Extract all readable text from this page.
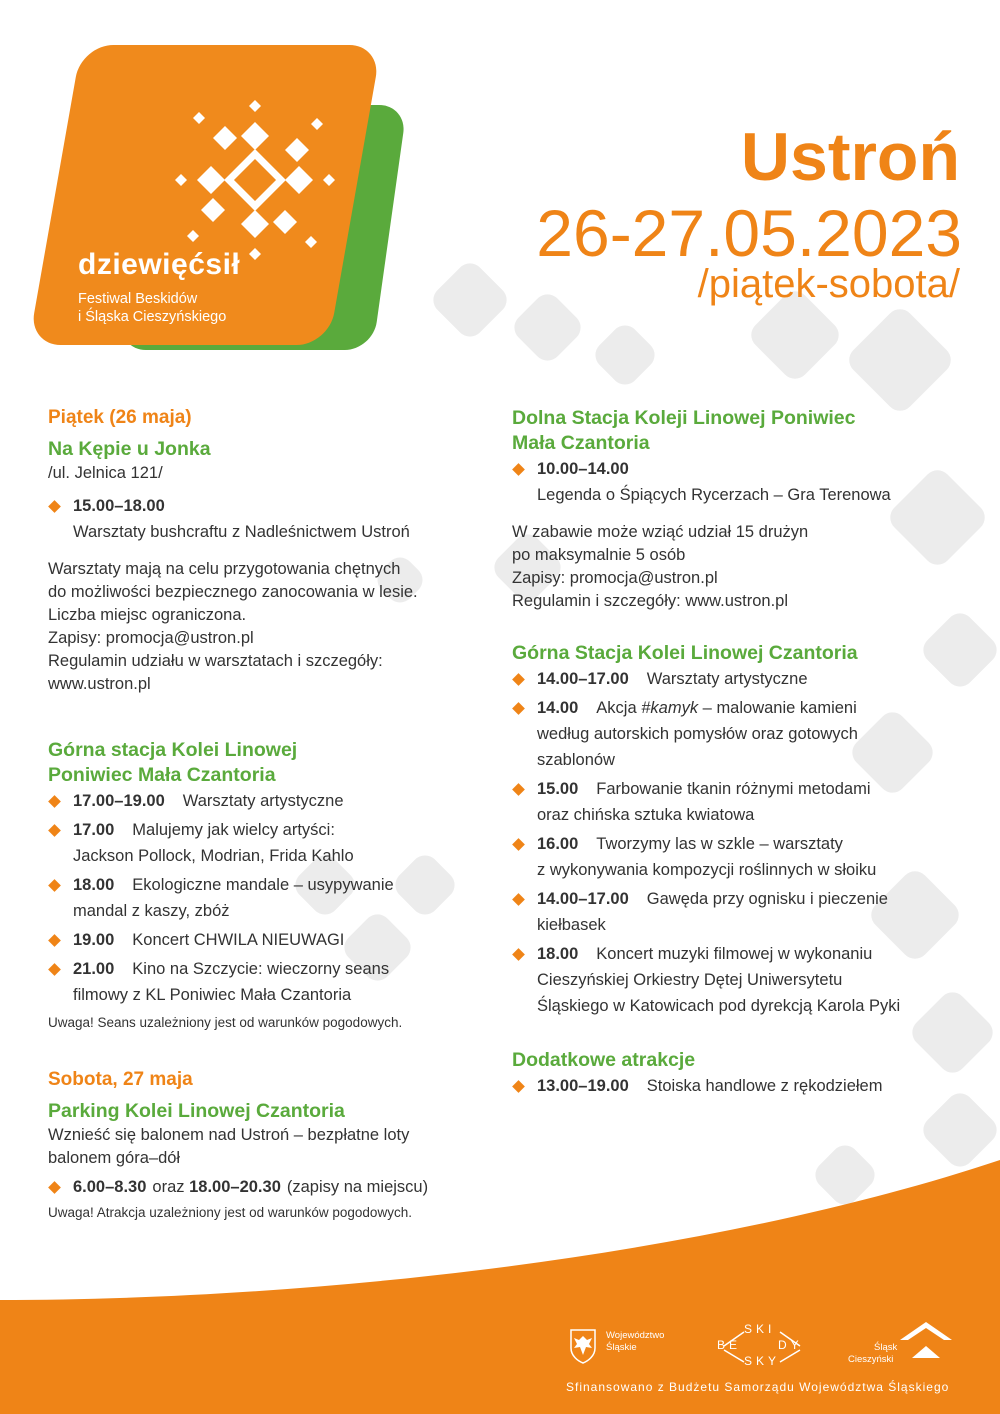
dziewięćsił
Festiwal Beskidów
i Śląska Cieszyńskiego
Ustroń
26-27.05.2023
/piątek-sobota/

Piątek (26 maja)

Na Kępie u Jonka

/ul. Jelnica 121/

15.00–18.00
Warsztaty bushcraftu z Nadleśnictwem Ustroń

Warsztaty mają na celu przygotowania chętnych

do możliwości bezpiecznego zanocowania w lesie.

Liczba miejsc ograniczona.

Zapisy: promocja@ustron.pl

Regulamin udziału w warsztatach i szczegóły:

www.ustron.pl

Górna stacja Kolei Linowej

Poniwiec Mała Czantoria

17.00–19.00 Warsztaty artystyczne
17.00 Malujemy jak wielcy artyści:
Jackson Pollock, Modrian, Frida Kahlo
18.00 Ekologiczne mandale – usypywanie
mandal z kaszy, zbóż
19.00 Koncert CHWILA NIEUWAGI
21.00 Kino na Szczycie: wieczorny seans
filmowy z KL Poniwiec Mała Czantoria

Uwaga! Seans uzależniony jest od warunków pogodowych.

Sobota, 27 maja

Parking Kolei Linowej Czantoria

Wznieść się balonem nad Ustroń – bezpłatne loty

balonem góra–dół

6.00–8.30 oraz 18.00–20.30 (zapisy na miejscu)

Uwaga! Atrakcja uzależniony jest od warunków pogodowych.

Dolna Stacja Koleji Linowej Poniwiec

Mała Czantoria

10.00–14.00
Legenda o Śpiących Rycerzach – Gra Terenowa

W zabawie może wziąć udział 15 drużyn

po maksymalnie 5 osób

Zapisy: promocja@ustron.pl

Regulamin i szczegóły: www.ustron.pl

Górna Stacja Kolei Linowej Czantoria

14.00–17.00 Warsztaty artystyczne
14.00 Akcja #kamyk – malowanie kamieni
według autorskich pomysłów oraz gotowych
szablonów
15.00 Farbowanie tkanin różnymi metodami
oraz chińska sztuka kwiatowa
16.00 Tworzymy las w szkle – warsztaty
z wykonywania kompozycji roślinnych w słoiku
14.00–17.00 Gawęda przy ognisku i pieczenie
kiełbasek
18.00 Koncert muzyki filmowej w wykonaniu
Cieszyńskiej Orkiestry Dętej Uniwersytetu
Śląskiego w Katowicach pod dyrekcją Karola Pyki

Dodatkowe atrakcje

13.00–19.00 Stoiska handlowe z rękodziełem
Województwo
Śląskie
SKI
BE	DY
SKY
Śląsk
Cieszyński
Sfinansowano z Budżetu Samorządu Województwa Śląskiego
